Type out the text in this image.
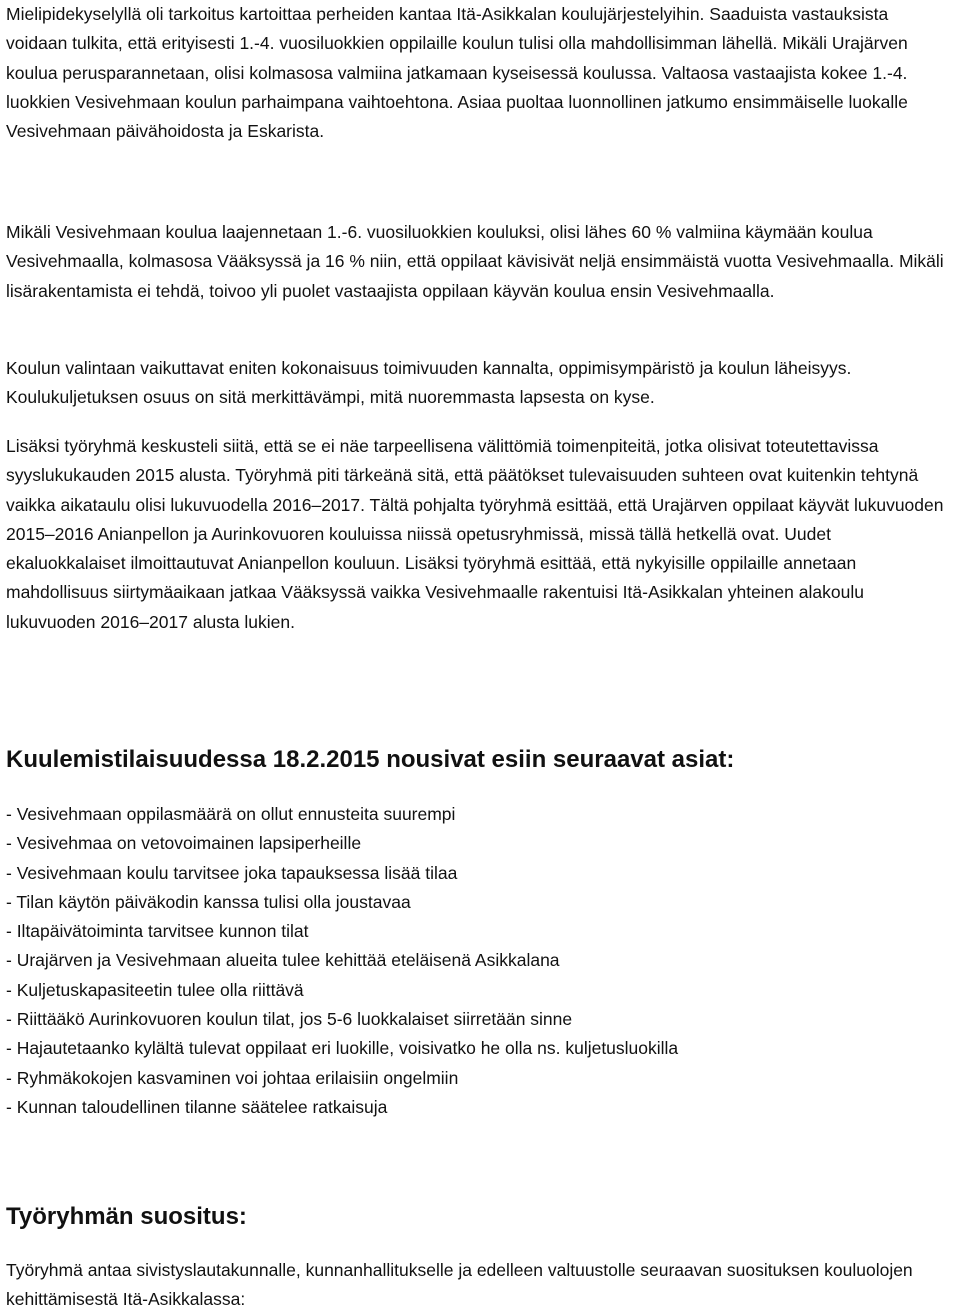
Mielipidekyselyllä oli tarkoitus kartoittaa perheiden kantaa Itä-Asikkalan koulujärjestelyihin. Saaduista vastauksista voidaan tulkita, että erityisesti 1.-4. vuosiluokkien oppilaille koulun tulisi olla mahdollisimman lähellä. Mikäli Urajärven koulua perusparannetaan, olisi kolmasosa valmiina jatkamaan kyseisessä koulussa. Valtaosa vastaajista kokee 1.-4. luokkien Vesivehmaan koulun parhaimpana vaihtoehtona. Asiaa puoltaa luonnollinen jatkumo ensimmäiselle luokalle Vesivehmaan päivähoidosta ja Eskarista.

Mikäli Vesivehmaan koulua laajennetaan 1.-6. vuosiluokkien kouluksi, olisi lähes 60 % valmiina käymään koulua Vesivehmaalla, kolmasosa Vääksyssä ja 16 % niin, että oppilaat kävisivät neljä ensimmäistä vuotta Vesivehmaalla. Mikäli lisärakentamista ei tehdä, toivoo yli puolet vastaajista oppilaan käyvän koulua ensin Vesivehmaalla.

Koulun valintaan vaikuttavat eniten kokonaisuus toimivuuden kannalta, oppimisympäristö ja koulun läheisyys. Koulukuljetuksen osuus on sitä merkittävämpi, mitä nuoremmasta lapsesta on kyse.

Lisäksi työryhmä keskusteli siitä, että se ei näe tarpeellisena välittömiä toimenpiteitä, jotka olisivat toteutettavissa syyslukukauden 2015 alusta. Työryhmä piti tärkeänä sitä, että päätökset tulevaisuuden suhteen ovat kuitenkin tehtynä vaikka aikataulu olisi lukuvuodella 2016–2017. Tältä pohjalta työryhmä esittää, että Urajärven oppilaat käyvät lukuvuoden 2015–2016 Anianpellon ja Aurinkovuoren kouluissa niissä opetusryhmissä, missä tällä hetkellä ovat. Uudet ekaluokkalaiset ilmoittautuvat Anianpellon kouluun. Lisäksi työryhmä esittää, että nykyisille oppilaille annetaan mahdollisuus siirtymäaikaan jatkaa Vääksyssä vaikka Vesivehmaalle rakentuisi Itä-Asikkalan yhteinen alakoulu lukuvuoden 2016–2017 alusta lukien.

Kuulemistilaisuudessa 18.2.2015 nousivat esiin seuraavat asiat:
- Vesivehmaan oppilasmäärä on ollut ennusteita suurempi
- Vesivehmaa on vetovoimainen lapsiperheille
- Vesivehmaan koulu tarvitsee joka tapauksessa lisää tilaa
- Tilan käytön päiväkodin kanssa tulisi olla joustavaa
- Iltapäivätoiminta tarvitsee kunnon tilat
- Urajärven ja Vesivehmaan alueita tulee kehittää eteläisenä Asikkalana
- Kuljetuskapasiteetin tulee olla riittävä
- Riittääkö Aurinkovuoren koulun tilat, jos 5-6 luokkalaiset siirretään sinne
- Hajautetaanko kylältä tulevat oppilaat eri luokille, voisivatko he olla ns. kuljetusluokilla
- Ryhmäkokojen kasvaminen voi johtaa erilaisiin ongelmiin
- Kunnan taloudellinen tilanne säätelee ratkaisuja
Työryhmän suositus:

Työryhmä antaa sivistyslautakunnalle, kunnanhallitukselle ja edelleen valtuustolle seuraavan suosituksen kouluolojen kehittämisestä Itä-Asikkalassa:
